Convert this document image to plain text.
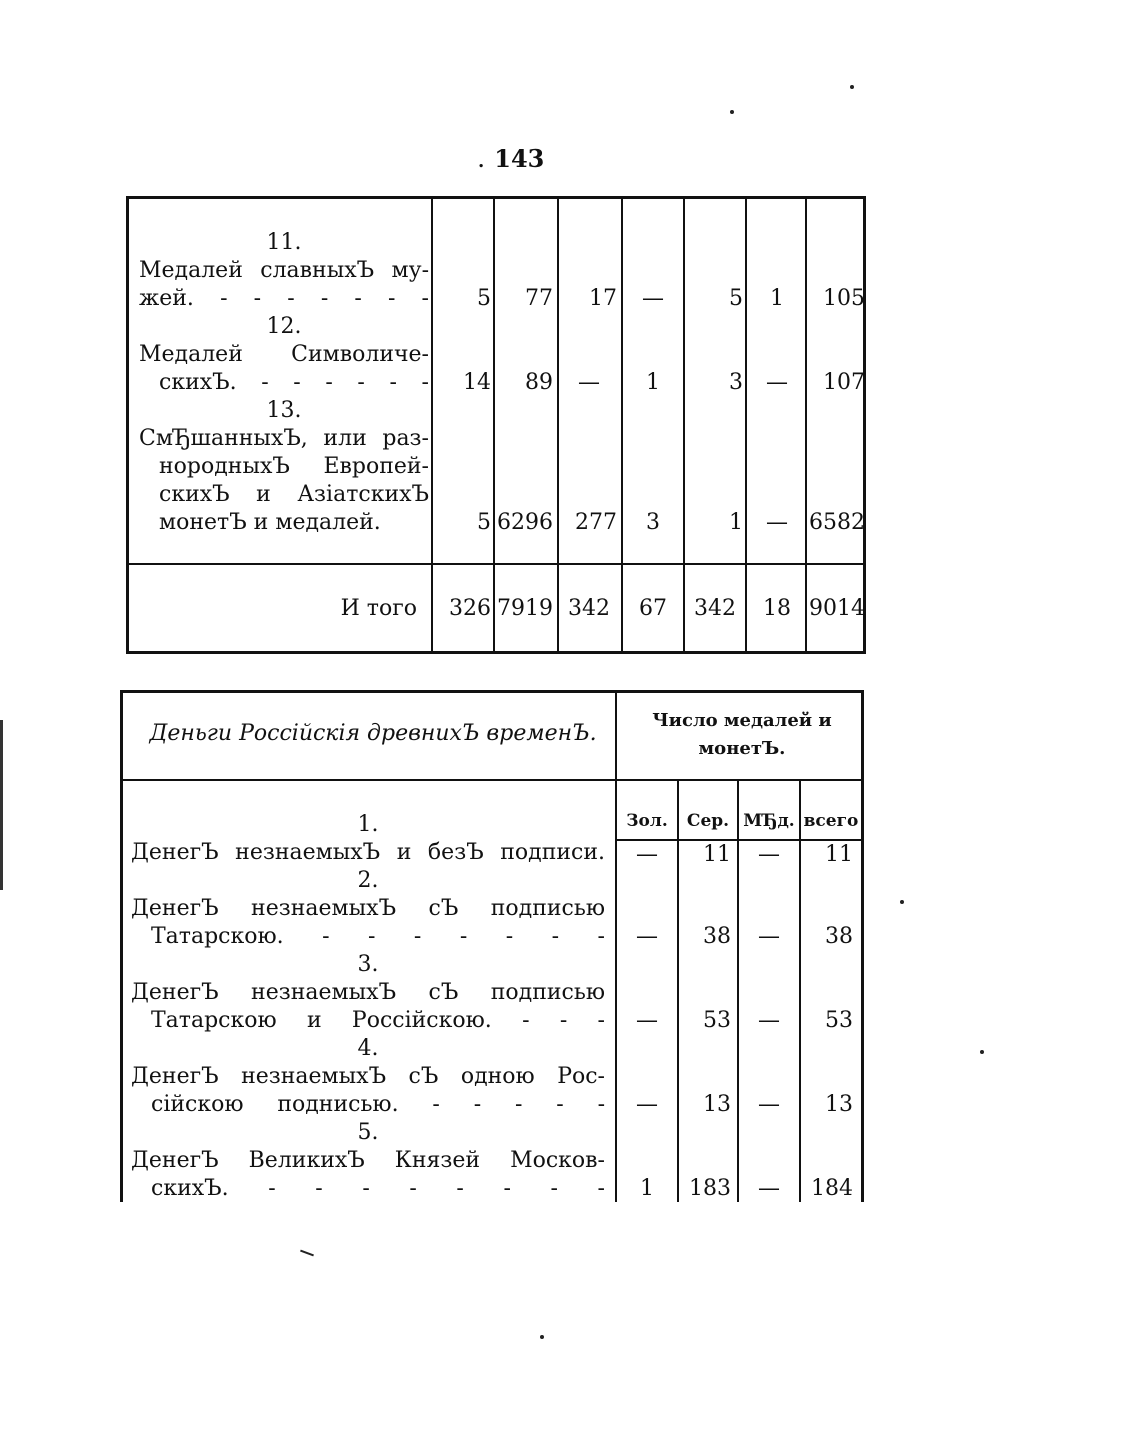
. 143
11.
Медалей славныхЪ му-
жей. - - - - - - -	5	77	17	—	5	1	105
12.
Медалей Символиче-
скихЪ. - - - - - -	14	89	—	1	3	—	107
13.
СмЂшанныхЪ, или раз-
нородныхЪ Европей-
скихЪ и АзіатскихЪ
монетЪ и медалей.	5 6296	277	3	1	— 6582
И того	326 7919 342	67	342	18 9014
Деньги Россійскія древнихЪ временЪ.
Число медалей и монетЪ.
Зол.	Сер. МЂд. всего
1.
ДенегЪ незнаемыхЪ и безЪ подписи.	—	11	—	11
2.
ДенегЪ незнаемыхЪ сЪ подписью
Татарскою. - - - - - - -	—	38	—	38
3.
ДенегЪ незнаемыхЪ сЪ подписью
Татарскою и Россійскою. - - -	—	53	—	53
4.
ДенегЪ незнаемыхЪ сЪ одною Рос-
сійскою поднисью. - - - - -	—	13	—	13
5.
ДенегЪ ВеликихЪ Князей Москов-
скихЪ. - - - - - - - -	1	183	—	184
